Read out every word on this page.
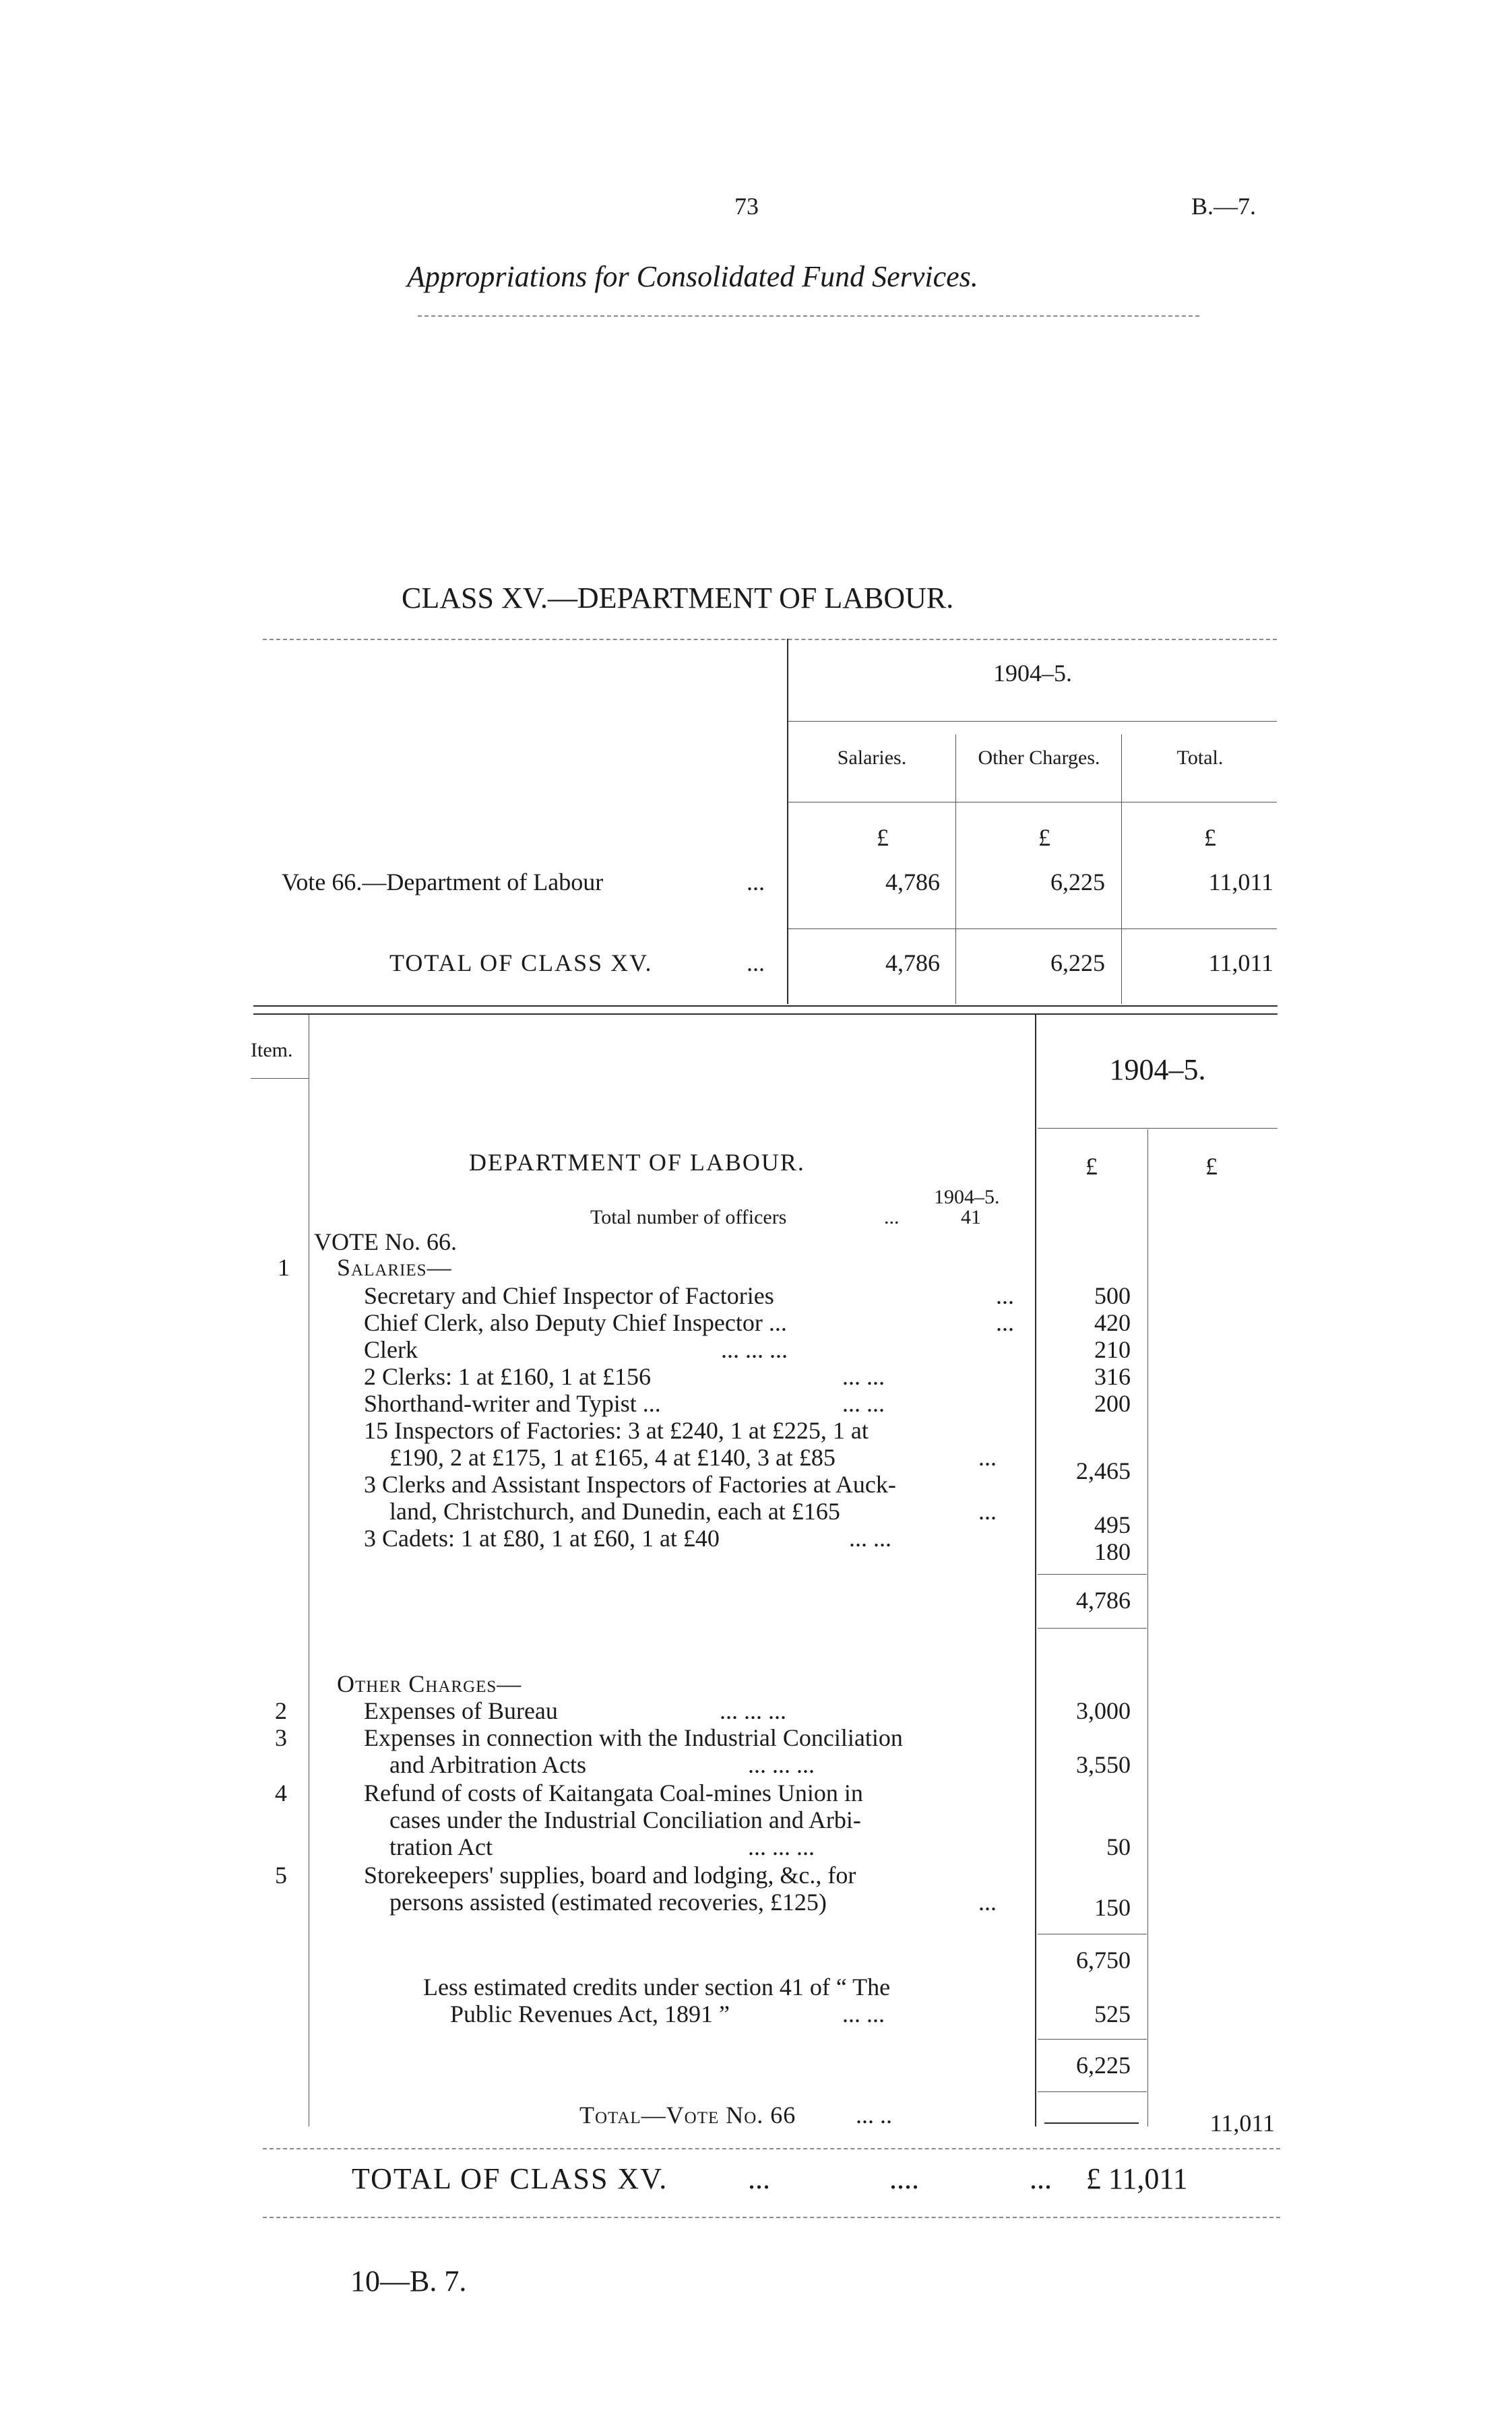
73	B.—7.
Appropriations for Consolidated Fund Services.
CLASS XV.—DEPARTMENT OF LABOUR.
1904–5.
Salaries.	Other Charges.	Total.
£	£	£
Vote 66.—Department of Labour	...	4,786	6,225	11,011
TOTAL OF CLASS XV.	...	4,786	6,225	11,011
Item.
1904–5.
£	£
DEPARTMENT OF LABOUR.
1904–5.
Total number of officers	...	41
VOTE No. 66.
1 Salaries—
Secretary and Chief Inspector of Factories	...	500
Chief Clerk, also Deputy Chief Inspector ...	...	420
Clerk	... ... ...	210
2 Clerks: 1 at £160, 1 at £156	... ...	316
Shorthand-writer and Typist ...	... ...	200
15 Inspectors of Factories: 3 at £240, 1 at £225, 1 at
£190, 2 at £175, 1 at £165, 4 at £140, 3 at £85	...	2,465
3 Clerks and Assistant Inspectors of Factories at Auck-
land, Christchurch, and Dunedin, each at £165	...	495
3 Cadets: 1 at £80, 1 at £60, 1 at £40	... ...	180
4,786
Other Charges—
2	Expenses of Bureau	... ... ...	3,000
3	Expenses in connection with the Industrial Conciliation
and Arbitration Acts	... ... ...	3,550
4	Refund of costs of Kaitangata Coal-mines Union in
cases under the Industrial Conciliation and Arbi-
tration Act	... ... ...	50
5	Storekeepers' supplies, board and lodging, &c., for
persons assisted (estimated recoveries, £125)	...	150
6,750
Less estimated credits under section 41 of “ The
Public Revenues Act, 1891 ”	... ...	525
6,225
Total—Vote No. 66 ... ..	11,011
TOTAL OF CLASS XV.	...	....	... £ 11,011
10—B. 7.
